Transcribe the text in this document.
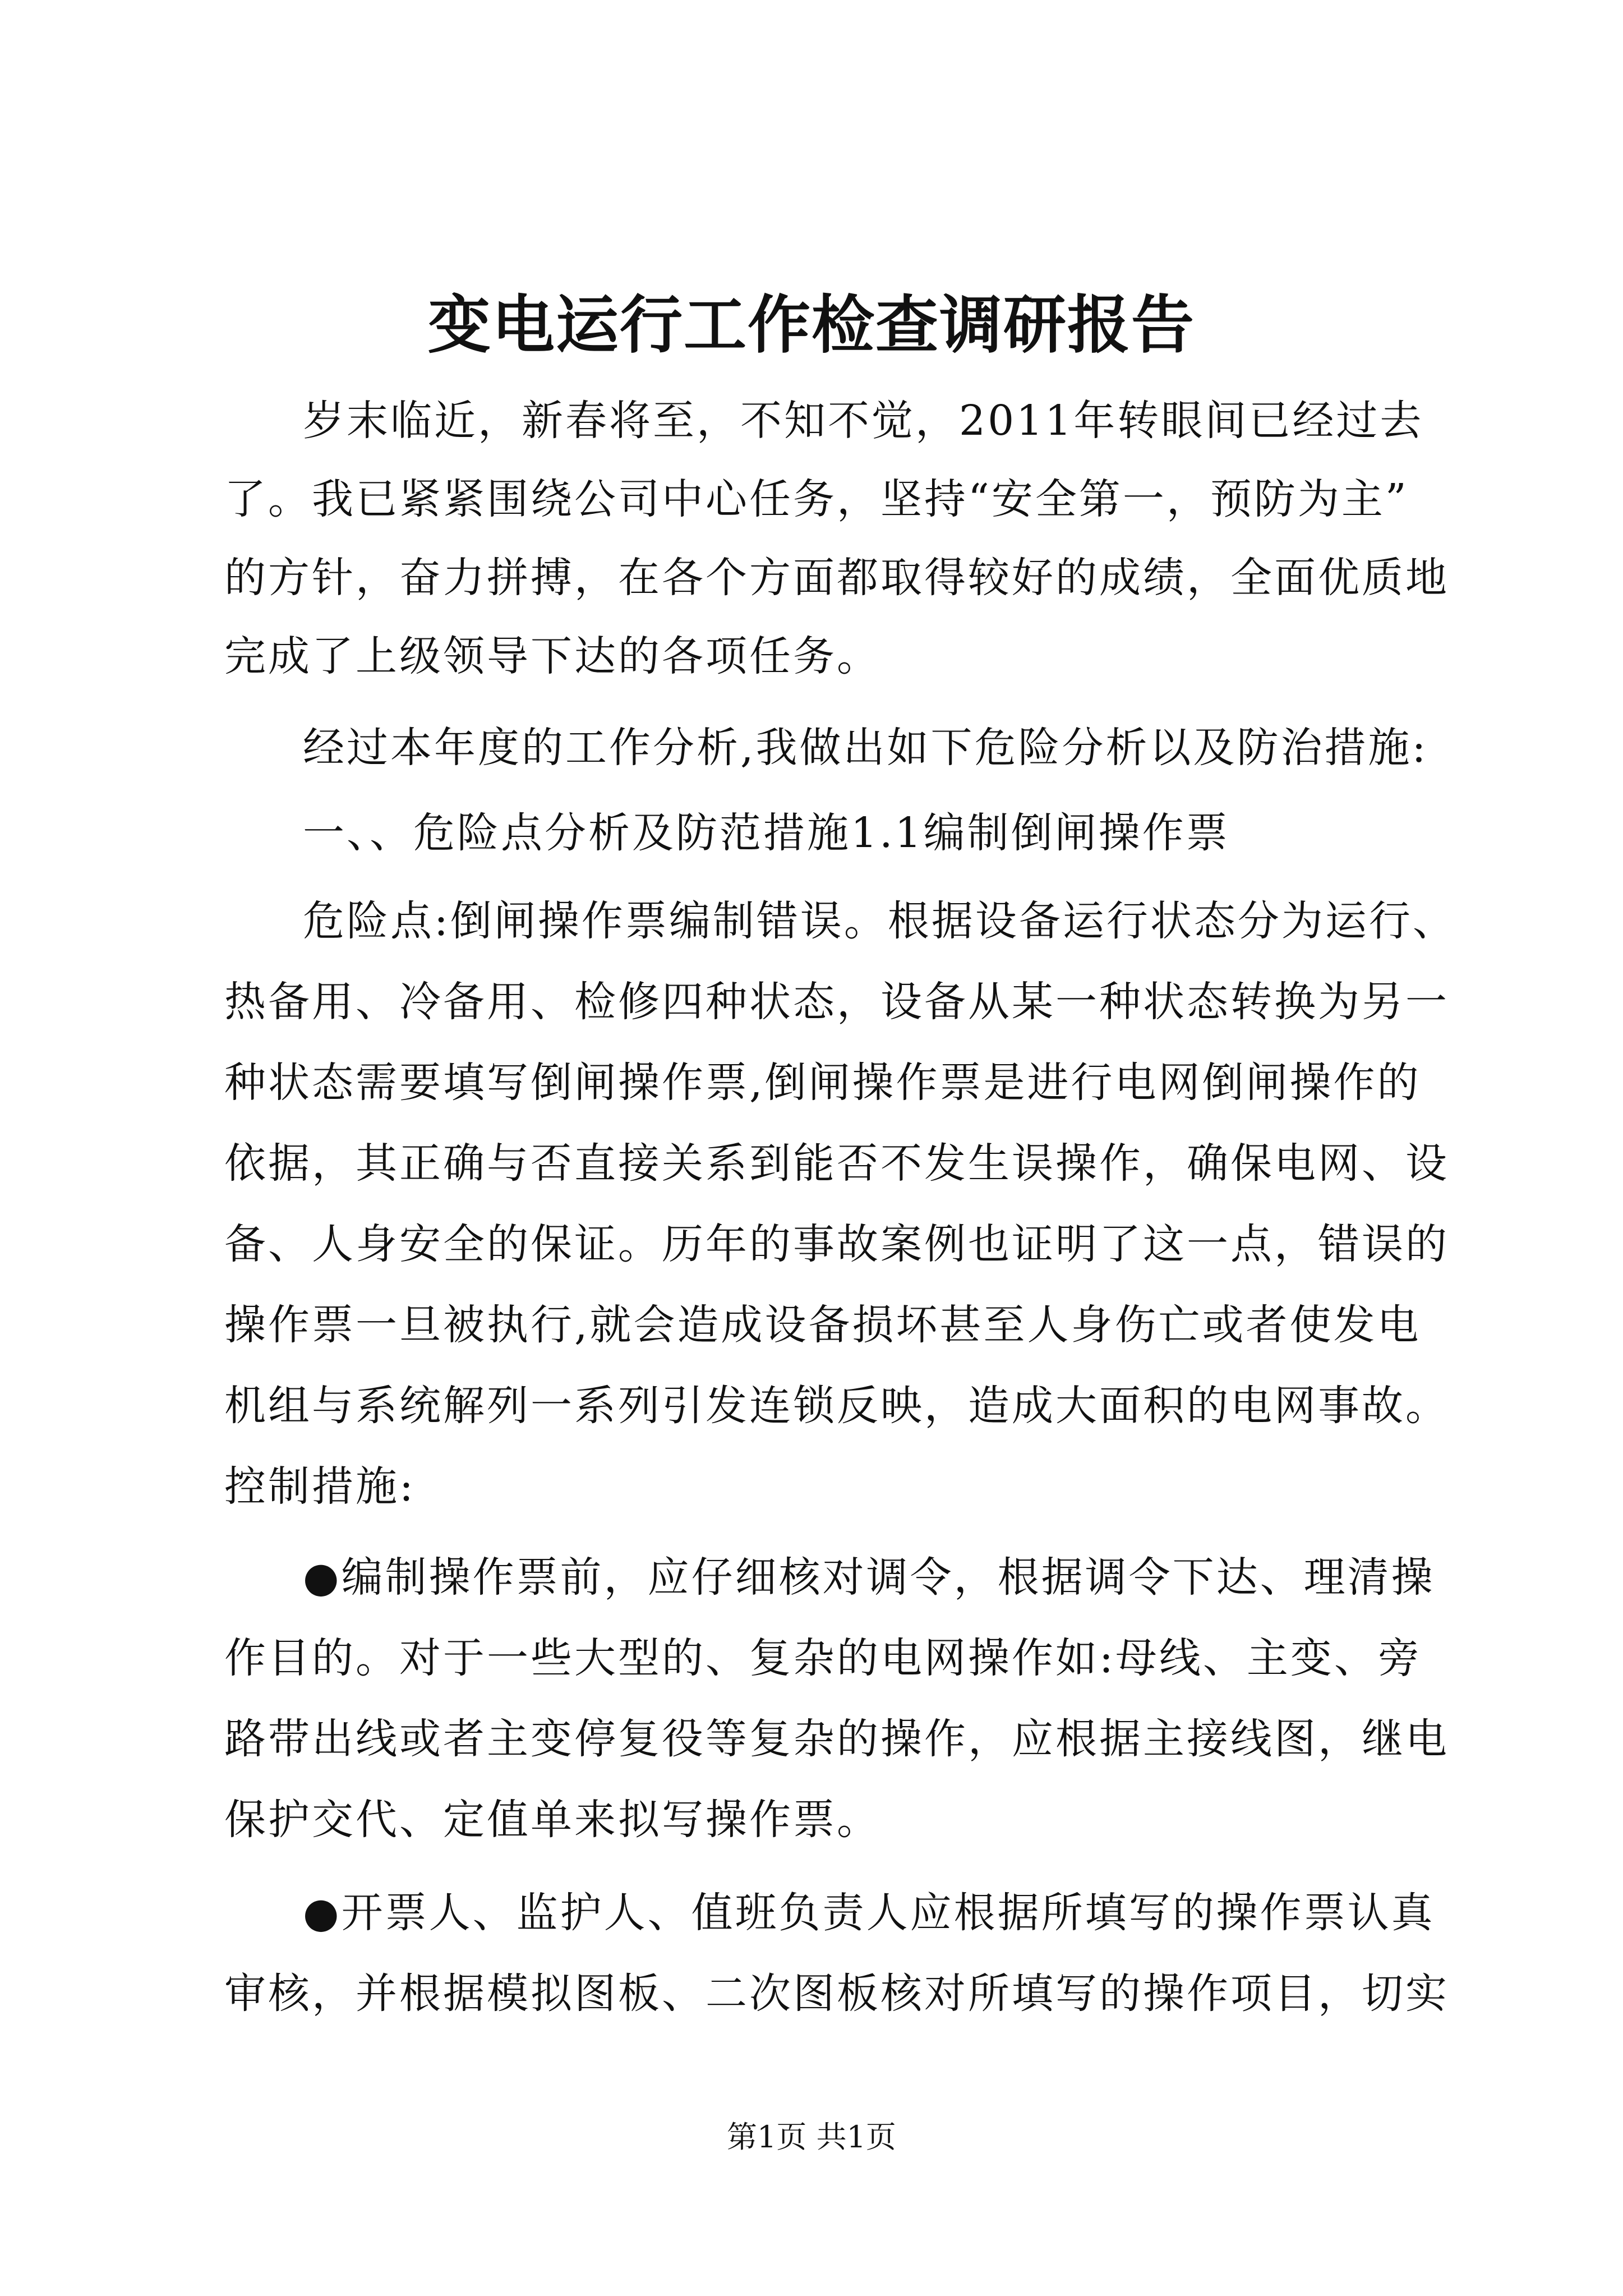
变电运行工作检查调研报告
岁末临近，新春将至，不知不觉，2011年转眼间已经过去
了。我已紧紧围绕公司中心任务，坚持“安全第一，预防为主”
的方针，奋力拼搏，在各个方面都取得较好的成绩，全面优质地
完成了上级领导下达的各项任务。
经过本年度的工作分析,我做出如下危险分析以及防治措施:
一、、危险点分析及防范措施1.1编制倒闸操作票
危险点:倒闸操作票编制错误。根据设备运行状态分为运行、
热备用、冷备用、检修四种状态，设备从某一种状态转换为另一
种状态需要填写倒闸操作票,倒闸操作票是进行电网倒闸操作的
依据，其正确与否直接关系到能否不发生误操作，确保电网、设
备、人身安全的保证。历年的事故案例也证明了这一点，错误的
操作票一旦被执行,就会造成设备损坏甚至人身伤亡或者使发电
机组与系统解列一系列引发连锁反映，造成大面积的电网事故。
控制措施:
●编制操作票前，应仔细核对调令，根据调令下达、理清操
作目的。对于一些大型的、复杂的电网操作如:母线、主变、旁
路带出线或者主变停复役等复杂的操作，应根据主接线图，继电
保护交代、定值单来拟写操作票。
●开票人、监护人、值班负责人应根据所填写的操作票认真
审核，并根据模拟图板、二次图板核对所填写的操作项目，切实
第1页 共1页
